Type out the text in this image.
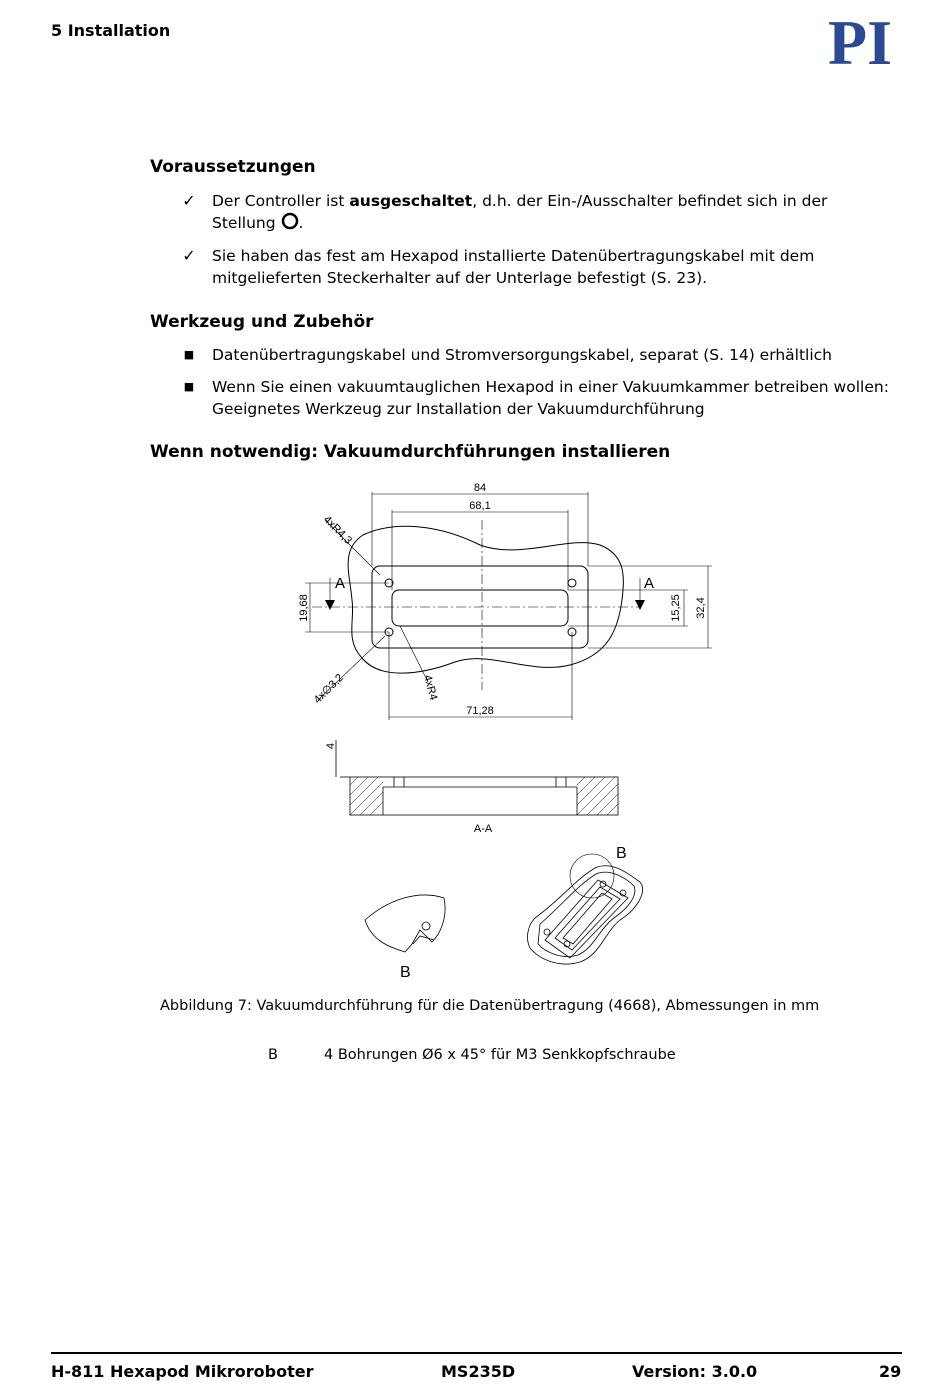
5 Installation	PI
Voraussetzungen
✓ Der Controller ist ausgeschaltet, d.h. der Ein-/Ausschalter befindet sich in der
Stellung .
✓ Sie haben das fest am Hexapod installierte Datenübertragungskabel mit dem
mitgelieferten Steckerhalter auf der Unterlage befestigt (S. 23).
Werkzeug und Zubehör
■ Datenübertragungskabel und Stromversorgungskabel, separat (S. 14) erhältlich
■ Wenn Sie einen vakuumtauglichen Hexapod in einer Vakuumkammer betreiben wollen:
Geeignetes Werkzeug zur Installation der Vakuumdurchführung
Wenn notwendig: Vakuumdurchführungen installieren
84
68,1
4xR4,3
19,68	15,25 32,4
4x∅3,2	4xR4
71,28
A	A
4
A-A
B
B
Abbildung 7: Vakuumdurchführung für die Datenübertragung (4668), Abmessungen in mm
B	4 Bohrungen Ø6 x 45° für M3 Senkkopfschraube
H-811 Hexapod Mikroroboter	MS235D	Version: 3.0.0	29
